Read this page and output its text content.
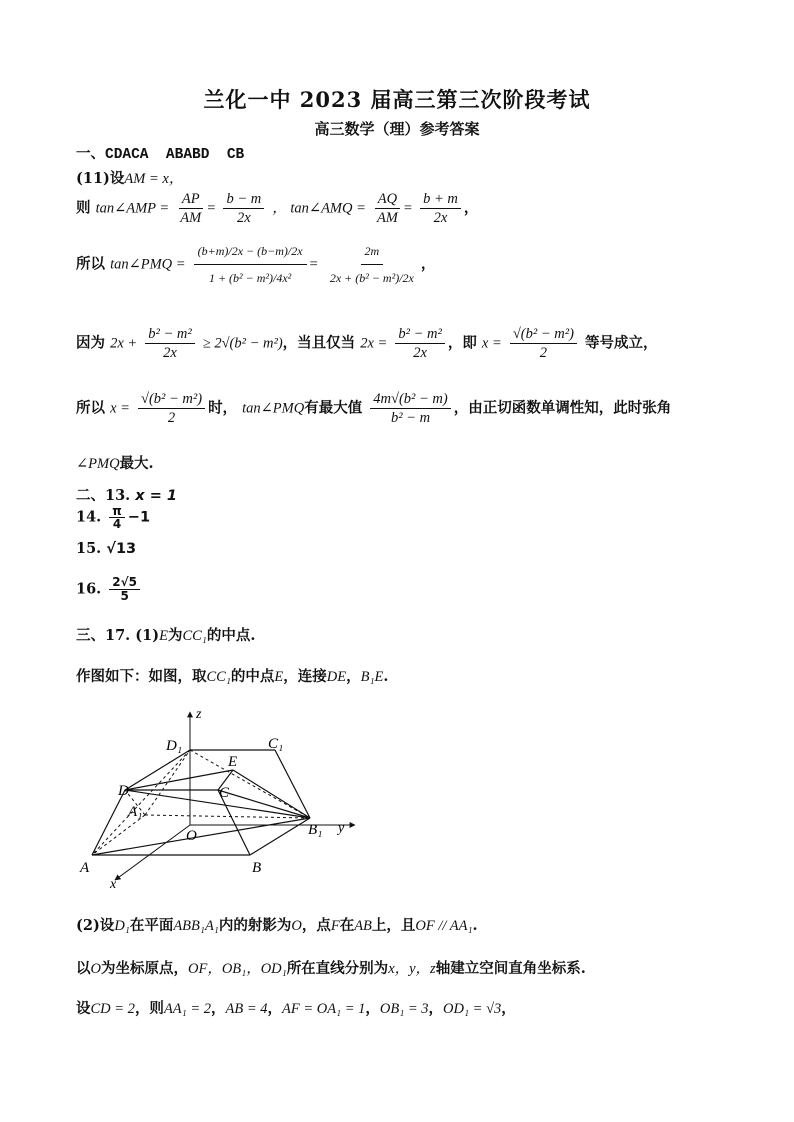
兰化一中 2023 届高三第三次阶段考试
高三数学（理）参考答案
一、CDACA  ABABD  CB
(11)设AM = x，
则 tan∠AMP = $\frac{AP}{AM} = \frac{b - m}{2x}$ ， tan∠AMQ = $\frac{AQ}{AM} = \frac{b + m}{2x}$ ，
所以 tan∠PMQ = $\frac{(b+m)/2x - (b-m)/2x}{\text{1 + (b² − m²)/4x²}} = \frac{2m}{\text{2x + (b² − m²)/2x}}$ ，
因为 $2x + \frac{\text{b² − m²}}{2x} \ge 2√(b^2 - m^2)$，当且仅当 $2x = \frac{\text{b² − m²}}{2x}$ ，即 $x = \frac{\text{√(b² − m²)}}{2}$ 等号成立，
所以 $x = \frac{\text{√(b² − m²)}}{2}$ 时， tan∠PMQ有最大值 $\frac{\text{4m√(b² − m)}}{\text{b² − m}}$ ，由正切函数单调性知，此时张角
∠PMQ最大.
二、13. x = 1
14. $\frac{\pi}{4} -1$
15. √13
16. $\frac{2√5}{5}$
三、17. (1)E为CC₁的中点.
作图如下：如图，取CC₁的中点E，连接DE，B₁E.
z
D₁	C₁
E
D	C
A₁
O	B₁ y
A	B
x
(2)设D₁在平面ABB₁A₁内的射影为O，点F在AB上，且OF // AA₁.
以O为坐标原点，OF，OB₁，OD₁所在直线分别为x，y，z轴建立空间直角坐标系.
设CD = 2，则AA₁ = 2，AB = 4，AF = OA₁ = 1，OB₁ = 3，OD₁ = √3，
